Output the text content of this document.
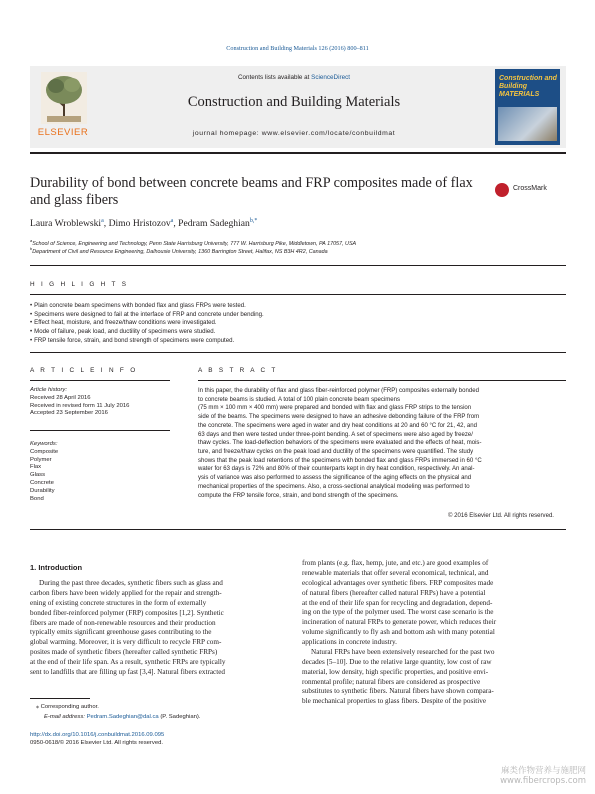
Construction and Building Materials 126 (2016) 800–811
ELSEVIER
Contents lists available at ScienceDirect
Construction and Building Materials
journal homepage: www.elsevier.com/locate/conbuildmat
Construction and Building MATERIALS
Durability of bond between concrete beams and FRP composites made of flax and glass fibers
CrossMark
Laura Wroblewski$^a$, Dimo Hristozov$^a$, Pedram Sadeghian$^{b,*}$
$^a$School of Science, Engineering and Technology, Penn State Harrisburg University, 777 W. Harrisburg Pike, Middletown, PA 17057, USA
$^b$Department of Civil and Resource Engineering, Dalhousie University, 1360 Barrington Street, Halifax, NS B3H 4R2, Canada
H I G H L I G H T S
• Plain concrete beam specimens with bonded flax and glass FRPs were tested.
• Specimens were designed to fail at the interface of FRP and concrete under bending.
• Effect heat, moisture, and freeze/thaw conditions were investigated.
• Mode of failure, peak load, and ductility of specimens were studied.
• FRP tensile force, strain, and bond strength of specimens were computed.
A R T I C L E I N F O
Article history:
Received 28 April 2016
Received in revised form 11 July 2016
Accepted 23 September 2016
Keywords:
Composite
Polymer
Flax
Glass
Concrete
Durability
Bond
A B S T R A C T
In this paper, the durability of flax and glass fiber-reinforced polymer (FRP) composites externally bonded
to concrete beams is studied. A total of 100 plain concrete beam specimens
(75 mm × 100 mm × 400 mm) were prepared and bonded with flax and glass FRP strips to the tension
side of the beams. The specimens were designed to have an adhesive debonding failure of the FRP from
the concrete. The specimens were aged in water and dry heat conditions at 20 and 60 °C for 21, 42, and
63 days and then were tested under three-point bending. A set of specimens were also aged by freeze/
thaw cycles. The load-deflection behaviors of the specimens were evaluated and the effects of heat, mois-
ture, and freeze/thaw cycles on the peak load and ductility of the specimens were quantified. The study
shows that the peak load retentions of the specimens with bonded flax and glass FRPs immersed in 60 °C
water for 63 days is 72% and 80% of their counterparts kept in dry heat condition, respectively. An anal-
ysis of variance was also performed to assess the significance of the aging effects on the physical and
mechanical properties of the specimens. Also, a cross-sectional analytical modeling was performed to
compute the FRP tensile force, strain, and bond strength of the specimens.
© 2016 Elsevier Ltd. All rights reserved.
1. Introduction

During the past three decades, synthetic fibers such as glass and

carbon fibers have been widely applied for the repair and strength-
ening of existing concrete structures in the form of externally
bonded fiber-reinforced polymer (FRP) composites [1,2]. Synthetic
fibers are made of non-renewable resources and their production
typically emits significant greenhouse gases contributing to the
global warming. Moreover, it is very difficult to recycle FRP com-
posites made of synthetic fibers (hereafter called synthetic FRPs)
at the end of their life span. As a result, synthetic FRPs are typically
sent to landfills that are filling up fast [3,4]. Natural fibers extracted
from plants (e.g. flax, hemp, jute, and etc.) are good examples of
renewable materials that offer several economical, technical, and
ecological advantages over synthetic fibers. FRP composites made
of natural fibers (hereafter called natural FRPs) have a potential
at the end of their life span for recycling and degradation, depend-
ing on the type of the polymer used. The worst case scenario is the
incineration of natural FRPs to generate power, which reduces their
volume significantly to fly ash and bottom ash with many potential
applications in concrete industry.

Natural FRPs have been extensively researched for the past two

decades [5–10]. Due to the relative large quantity, low cost of raw
material, low density, high specific properties, and positive envi-
ronmental profile; natural fibers are considered as prospective
substitutes to synthetic fibers. Natural fibers have shown compara-
ble mechanical properties to glass fibers. Despite of the positive
⁎ Corresponding author.
E-mail address: Pedram.Sadeghian@dal.ca (P. Sadeghian).
http://dx.doi.org/10.1016/j.conbuildmat.2016.09.095
0950-0618/© 2016 Elsevier Ltd. All rights reserved.
麻类作物营养与施肥网
www.fibercrops.com
